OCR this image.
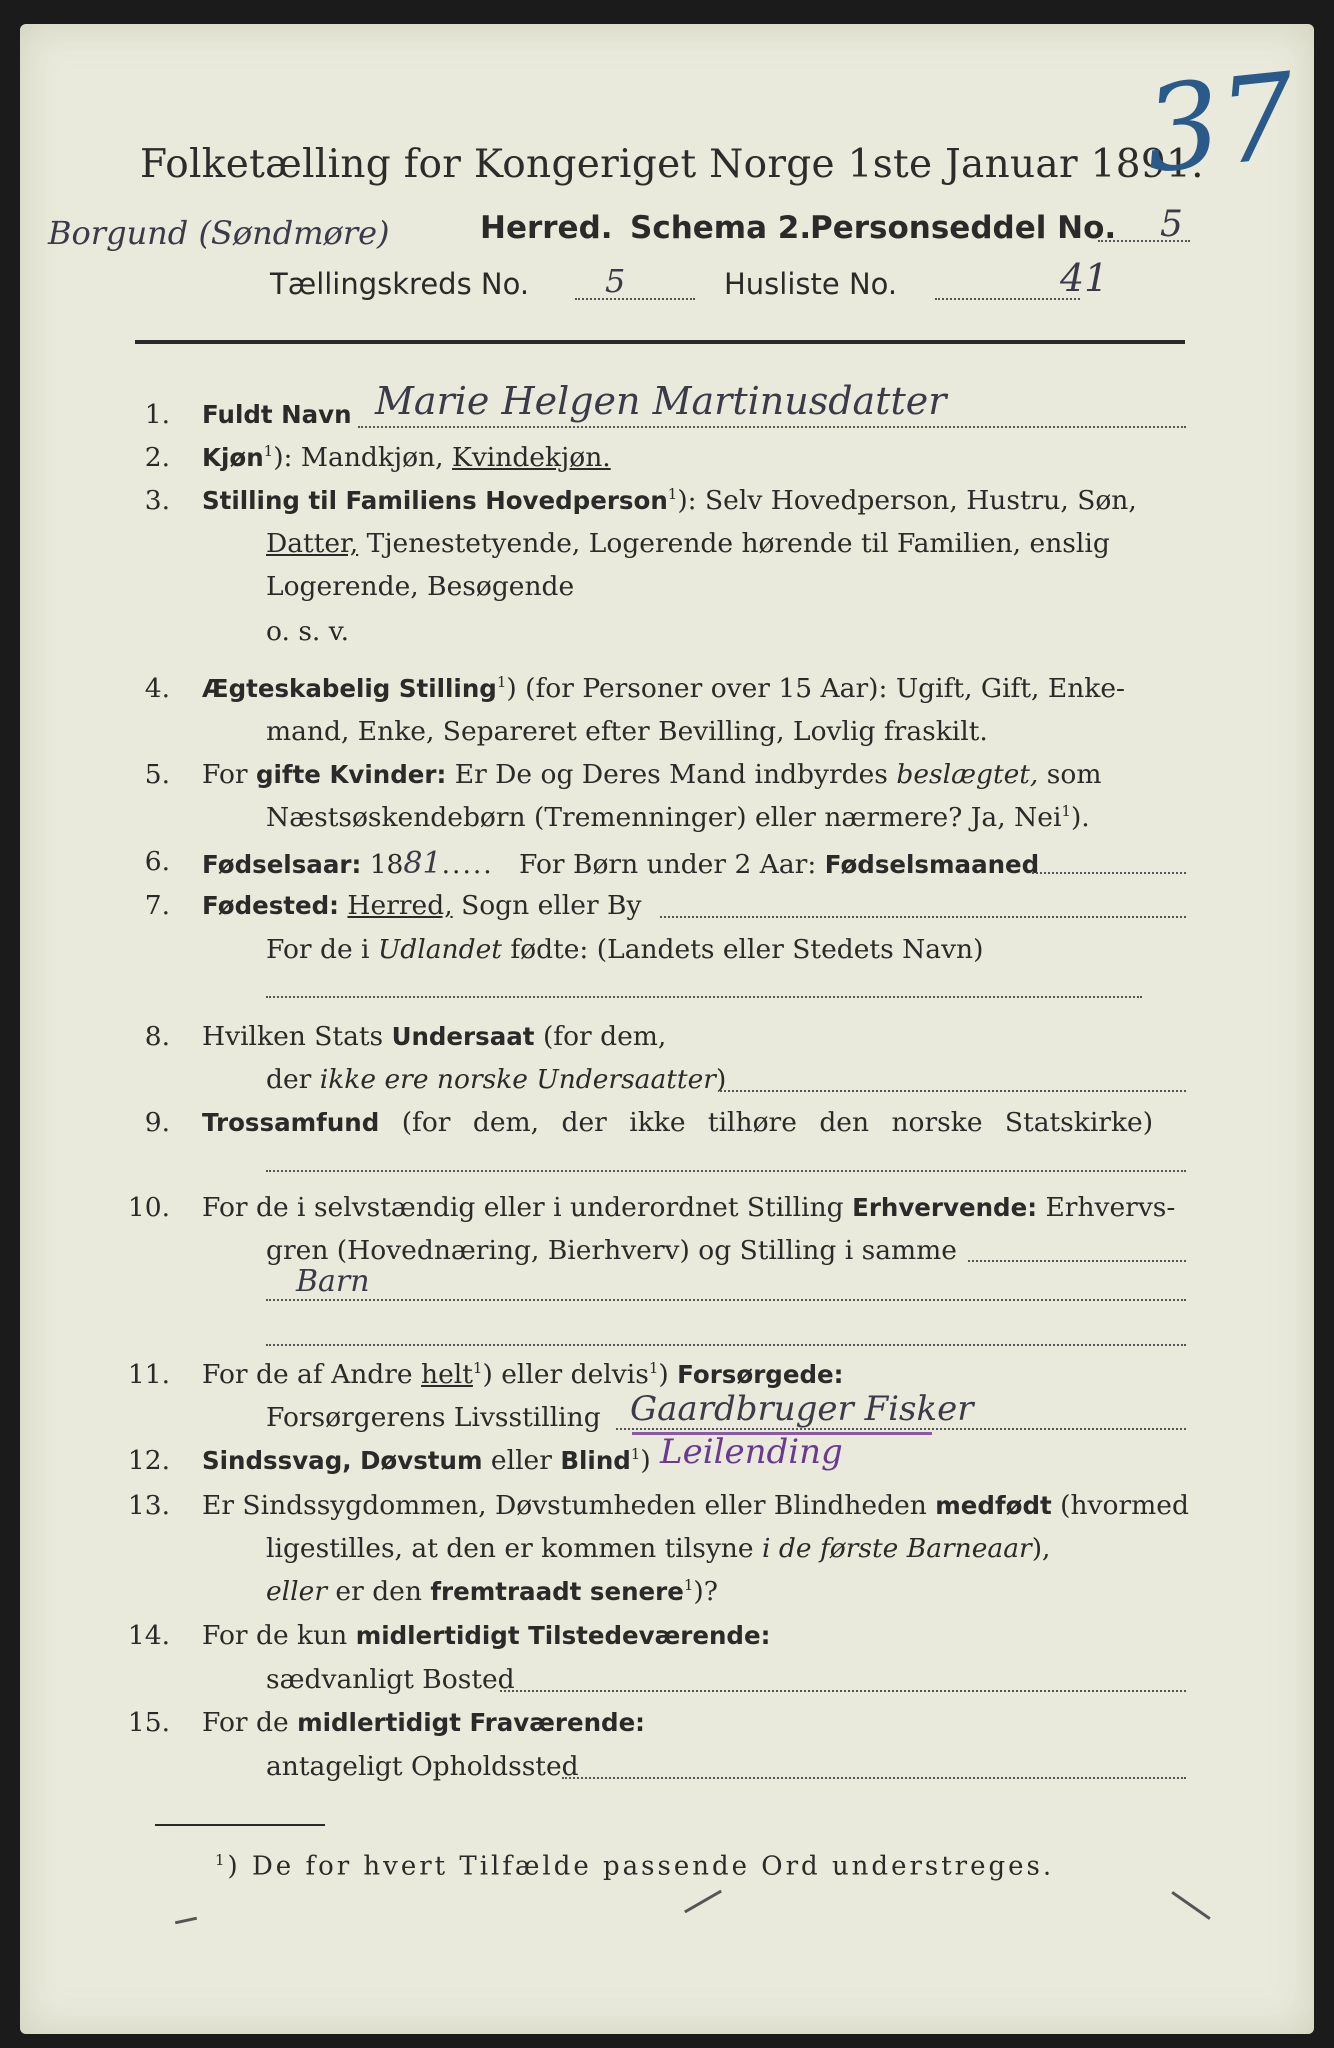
Folketælling for Kongeriget Norge 1ste Januar 1891.
37
Borgund (Søndmøre)	Herred. Schema 2.
Personseddel No. 5
Tællingskreds No. 5	Husliste No.	41
1. Fuldt Navn Marie Helgen Martinusdatter
2. Kjøn$^1$): Mandkjøn, Kvindekjøn.
3. Stilling til Familiens Hovedperson$^1$): Selv Hovedperson, Hustru, Søn,
Datter, Tjenestetyende, Logerende hørende til Familien, enslig
Logerende, Besøgende
o. s. v.
4. Ægteskabelig Stilling$^1$) (for Personer over 15 Aar): Ugift, Gift, Enke-
mand, Enke, Separeret efter Bevilling, Lovlig fraskilt.
5. For gifte Kvinder: Er De og Deres Mand indbyrdes beslægtet, som
Næstsøskendebørn (Tremenninger) eller nærmere? Ja, Nei$^1$).
6. Fødselsaar: 1881..... For Børn under 2 Aar: Fødselsmaaned
7. Fødested: Herred, Sogn eller By
For de i Udlandet fødte: (Landets eller Stedets Navn)
8. Hvilken Stats Undersaat (for dem,
der ikke ere norske Undersaatter)
9. Trossamfund (for dem, der ikke tilhøre den norske Statskirke)
10. For de i selvstændig eller i underordnet Stilling Erhvervende: Erhvervs-
gren (Hovednæring, Bierhverv) og Stilling i samme
Barn
11. For de af Andre helt$^1$) eller delvis$^1$) Forsørgede:
Forsørgerens Livsstilling Gaardbruger Fisker
12. Sindssvag, Døvstum eller Blind$^1$) Leilending
13. Er Sindssygdommen, Døvstumheden eller Blindheden medfødt (hvormed
ligestilles, at den er kommen tilsyne i de første Barneaar),
eller er den fremtraadt senere$^1$)?
14. For de kun midlertidigt Tilstedeværende:
sædvanligt Bosted
15. For de midlertidigt Fraværende:
antageligt Opholdssted
$^1$) De for hvert Tilfælde passende Ord understreges.
